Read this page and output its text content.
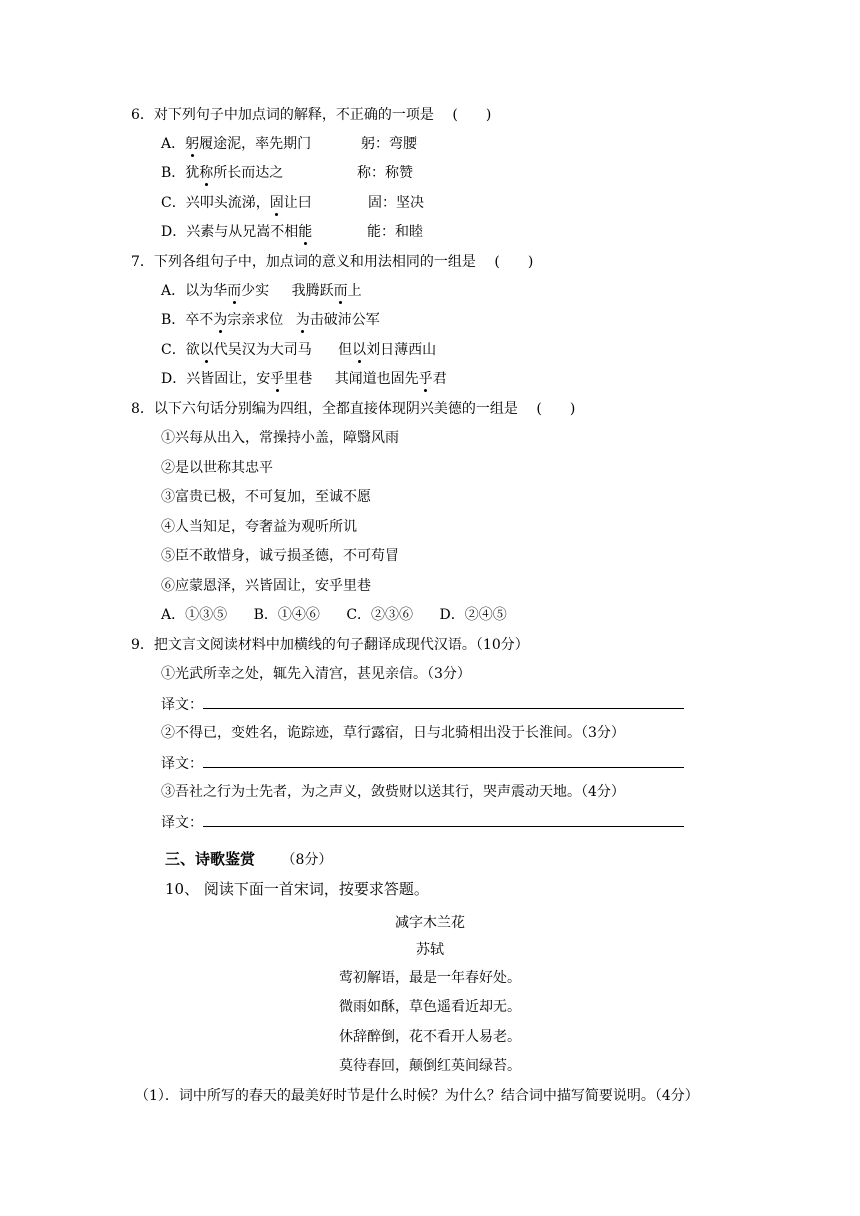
6．对下列句子中加点词的解释，不正确的一项是 (　　)
A．躬履途泥，率先期门	躬：弯腰
B．犹称所长而达之	称：称赞
C．兴叩头流涕，固让曰	固：坚决
D．兴素与从兄嵩不相能	能：和睦
7．下列各组句子中，加点词的意义和用法相同的一组是 (　　)
A．以为华而少实 我腾跃而上
B．卒不为宗亲求位 为击破沛公军
C．欲以代吴汉为大司马 但以刘日薄西山
D．兴皆固让，安乎里巷 其闻道也固先乎君
8．以下六句话分别编为四组，全都直接体现阴兴美德的一组是 (　　)
①兴每从出入，常操持小盖，障翳风雨
②是以世称其忠平
③富贵已极，不可复加，至诚不愿
④人当知足，夸奢益为观听所讥
⑤臣不敢惜身，诚亏损圣德，不可苟冒
⑥应蒙恩泽，兴皆固让，安乎里巷
A．①③⑤ B．①④⑥ C．②③⑥ D．②④⑤
9．把文言文阅读材料中加横线的句子翻译成现代汉语。（10分）
①光武所幸之处，辄先入清宫，甚见亲信。（3分）
译文：
②不得已，变姓名，诡踪迹，草行露宿，日与北骑相出没于长淮间。（3分）
译文：
③吾社之行为士先者，为之声义，敛赀财以送其行，哭声震动天地。（4分）
译文：
三、诗歌鉴赏 （8分）
10、 阅读下面一首宋词，按要求答题。
减字木兰花
苏轼
莺初解语，最是一年春好处。
微雨如酥，草色遥看近却无。
休辞醉倒，花不看开人易老。
莫待春回，颠倒红英间绿苔。
（1）．词中所写的春天的最美好时节是什么时候？为什么？结合词中描写简要说明。（4分）
